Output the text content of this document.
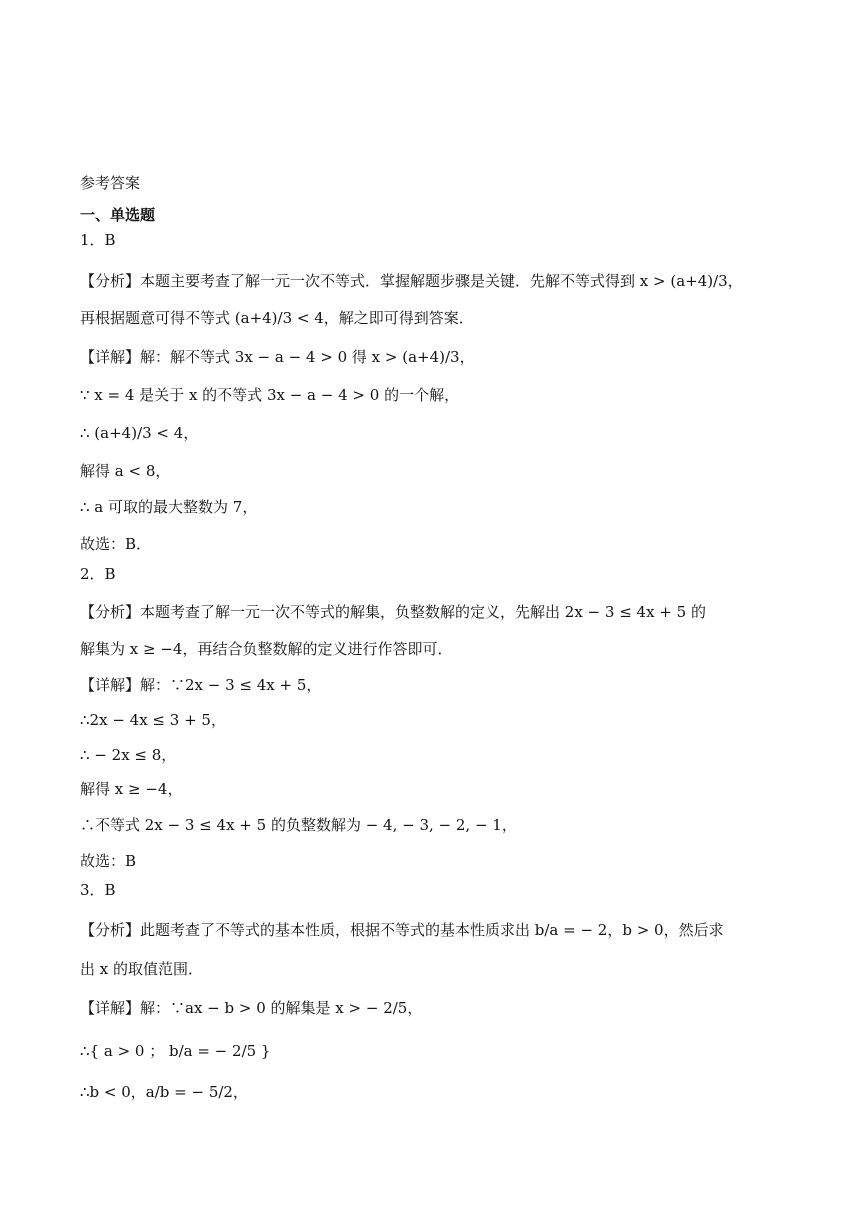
参考答案
一、单选题
1．B
【分析】本题主要考查了解一元一次不等式．掌握解题步骤是关键．先解不等式得到 x > (a+4)/3，
再根据题意可得不等式 (a+4)/3 < 4，解之即可得到答案．
【详解】解：解不等式 3x − a − 4 > 0 得 x > (a+4)/3，
∵ x = 4 是关于 x 的不等式 3x − a − 4 > 0 的一个解，
∴ (a+4)/3 < 4，
解得 a < 8，
∴ a 可取的最大整数为 7，
故选：B．
2．B
【分析】本题考查了解一元一次不等式的解集，负整数解的定义，先解出 2x − 3 ≤ 4x + 5 的
解集为 x ≥ −4，再结合负整数解的定义进行作答即可．
【详解】解：∵2x − 3 ≤ 4x + 5，
∴2x − 4x ≤ 3 + 5，
∴ − 2x ≤ 8，
解得 x ≥ −4，
∴不等式 2x − 3 ≤ 4x + 5 的负整数解为 − 4, − 3, − 2, − 1，
故选：B
3．B
【分析】此题考查了不等式的基本性质，根据不等式的基本性质求出 b/a = − 2，b > 0，然后求
出 x 的取值范围．
【详解】解：∵ax − b > 0 的解集是 x > − 2/5，
∴{ a > 0 ； b/a = − 2/5 }
∴b < 0，a/b = − 5/2，
